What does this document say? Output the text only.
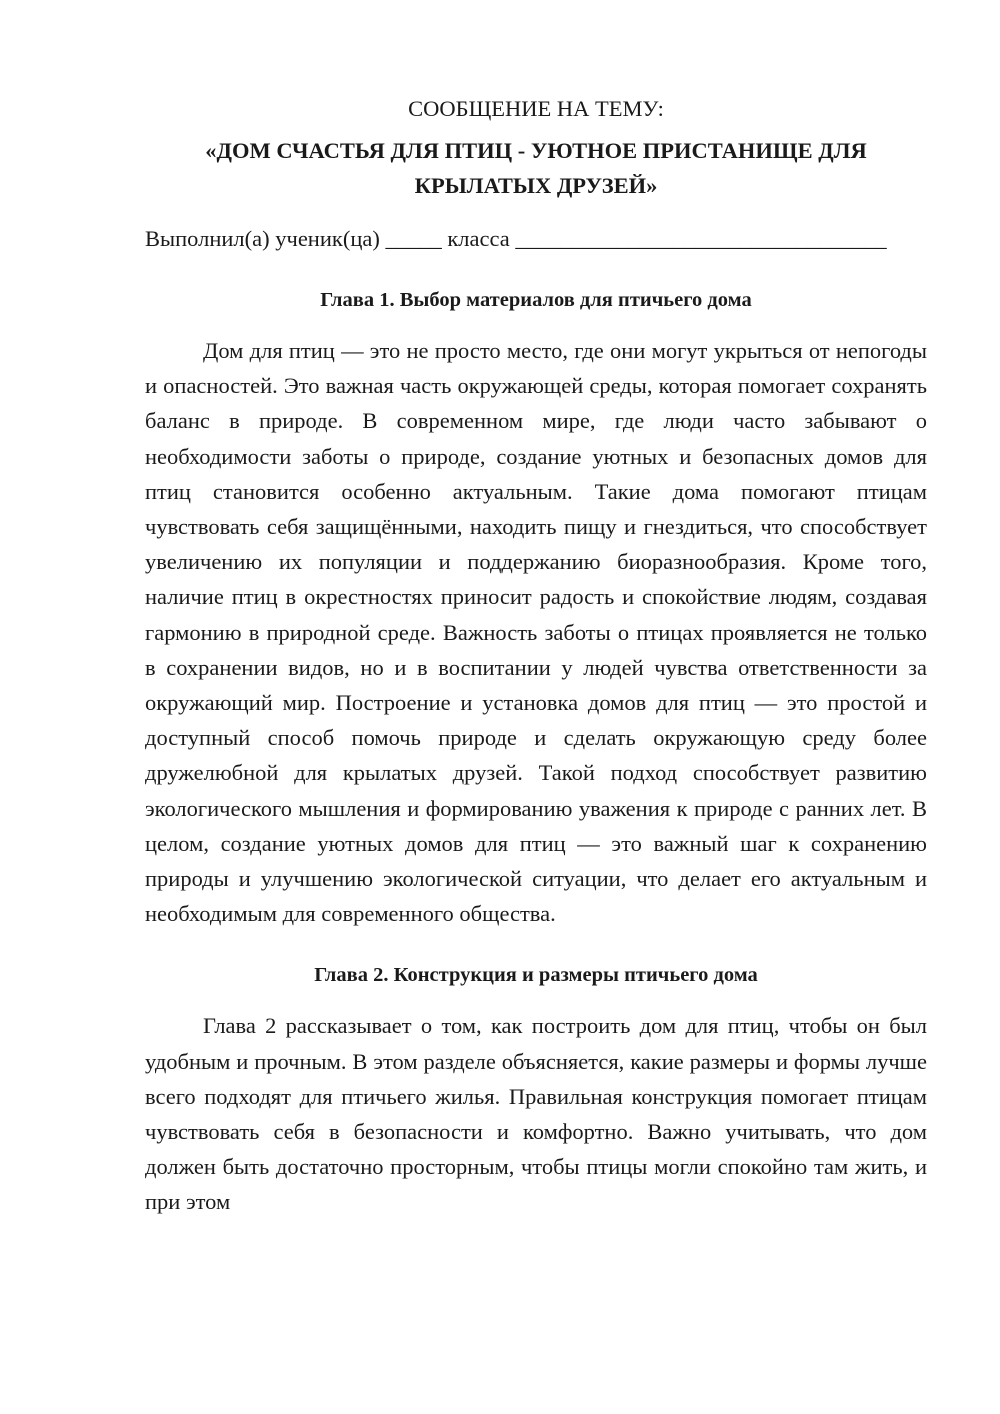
СООБЩЕНИЕ НА ТЕМУ:

«ДОМ СЧАСТЬЯ ДЛЯ ПТИЦ - УЮТНОЕ ПРИСТАНИЩЕ ДЛЯ

КРЫЛАТЫХ ДРУЗЕЙ»

Выполнил(а) ученик(ца) _____ класса _________________________________

Глава 1. Выбор материалов для птичьего дома

Дом для птиц — это не просто место, где они могут укрыться от непогоды и опасностей. Это важная часть окружающей среды, которая помогает сохранять баланс в природе. В современном мире, где люди часто забывают о необходимости заботы о природе, создание уютных и безопасных домов для птиц становится особенно актуальным. Такие дома помогают птицам чувствовать себя защищёнными, находить пищу и гнездиться, что способствует увеличению их популяции и поддержанию биоразнообразия. Кроме того, наличие птиц в окрестностях приносит радость и спокойствие людям, создавая гармонию в природной среде. Важность заботы о птицах проявляется не только в сохранении видов, но и в воспитании у людей чувства ответственности за окружающий мир. Построение и установка домов для птиц — это простой и доступный способ помочь природе и сделать окружающую среду более дружелюбной для крылатых друзей. Такой подход способствует развитию экологического мышления и формированию уважения к природе с ранних лет. В целом, создание уютных домов для птиц — это важный шаг к сохранению природы и улучшению экологической ситуации, что делает его актуальным и необходимым для современного общества.

Глава 2. Конструкция и размеры птичьего дома

Глава 2 рассказывает о том, как построить дом для птиц, чтобы он был удобным и прочным. В этом разделе объясняется, какие размеры и формы лучше всего подходят для птичьего жилья. Правильная конструкция помогает птицам чувствовать себя в безопасности и комфортно. Важно учитывать, что дом должен быть достаточно просторным, чтобы птицы могли спокойно там жить, и при этом
